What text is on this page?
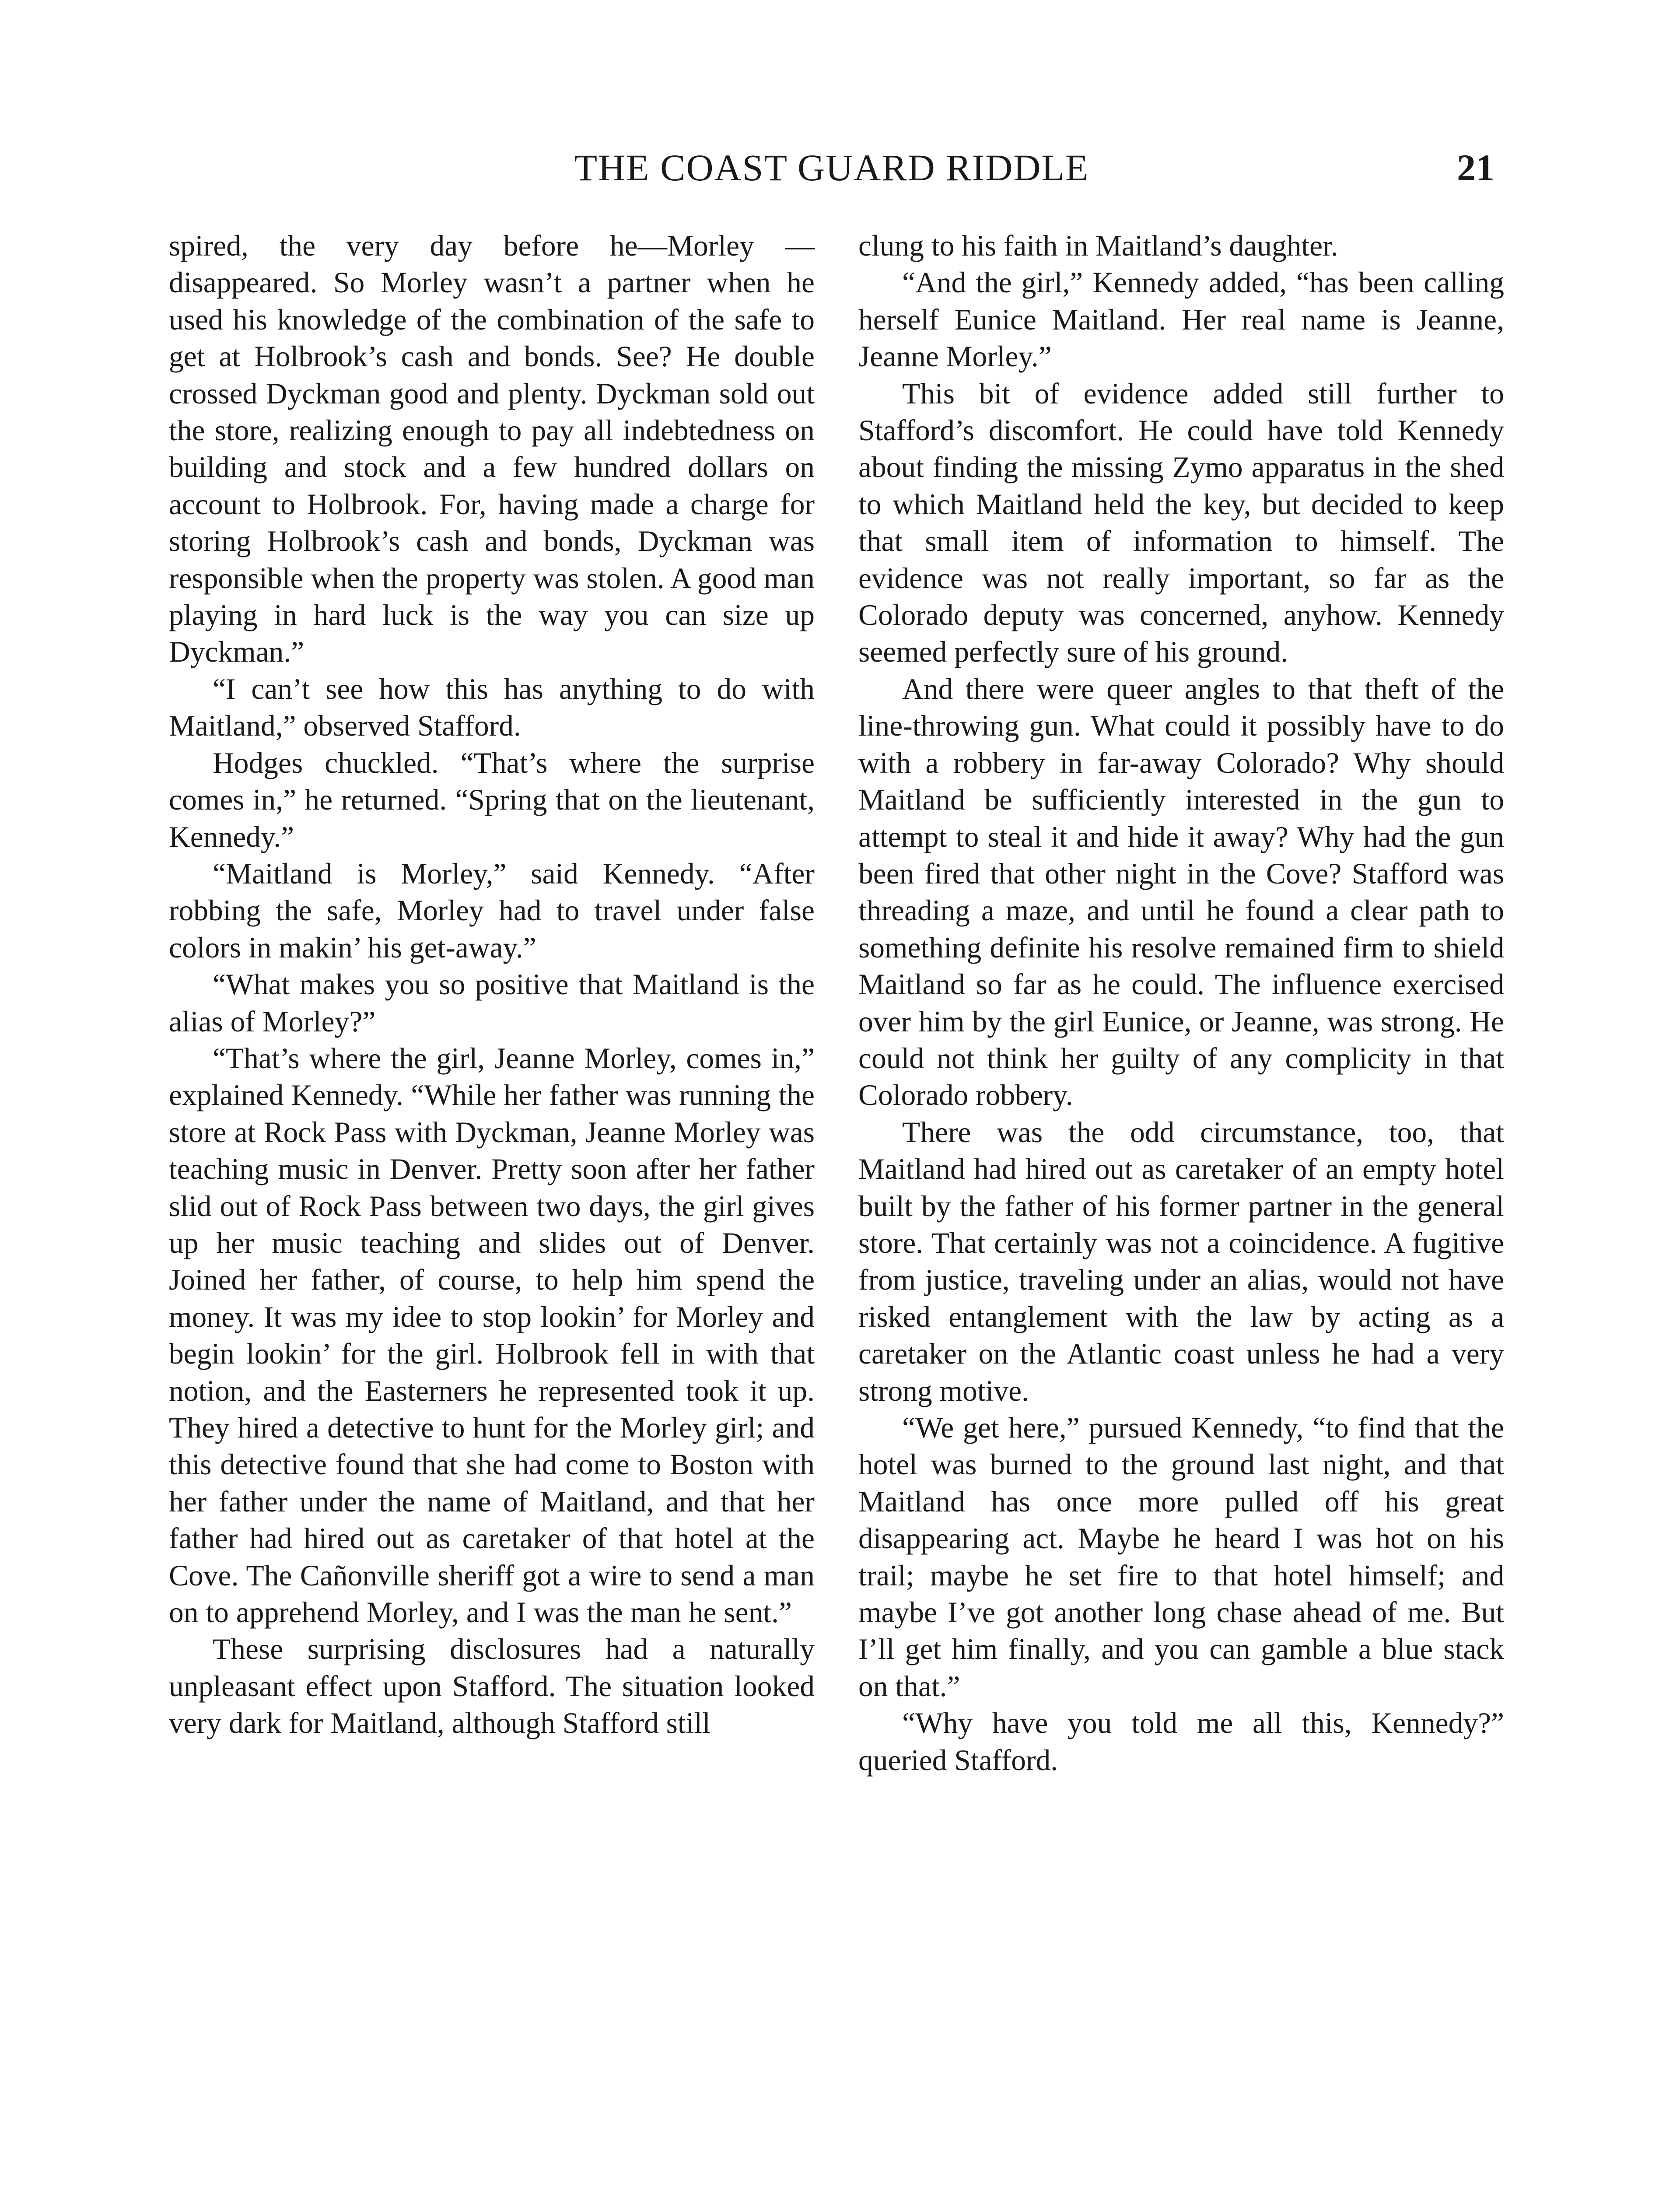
THE COAST GUARD RIDDLE	21

spired, the very day before he—Morley —disappeared. So Morley wasn’t a partner when he used his knowledge of the combination of the safe to get at Holbrook’s cash and bonds. See? He double crossed Dyckman good and plenty. Dyckman sold out the store, realizing enough to pay all indebtedness on building and stock and a few hundred dollars on account to Holbrook. For, having made a charge for storing Holbrook’s cash and bonds, Dyckman was responsible when the property was stolen. A good man playing in hard luck is the way you can size up Dyckman.”

“I can’t see how this has anything to do with Maitland,” observed Stafford.

Hodges chuckled. “That’s where the surprise comes in,” he returned. “Spring that on the lieutenant, Kennedy.”

“Maitland is Morley,” said Kennedy. “After robbing the safe, Morley had to travel under false colors in makin’ his get-away.”

“What makes you so positive that Maitland is the alias of Morley?”

“That’s where the girl, Jeanne Morley, comes in,” explained Kennedy. “While her father was running the store at Rock Pass with Dyckman, Jeanne Morley was teaching music in Denver. Pretty soon after her father slid out of Rock Pass between two days, the girl gives up her music teaching and slides out of Denver. Joined her father, of course, to help him spend the money. It was my idee to stop lookin’ for Morley and begin lookin’ for the girl. Holbrook fell in with that notion, and the Easterners he represented took it up. They hired a detective to hunt for the Morley girl; and this detective found that she had come to Boston with her father under the name of Maitland, and that her father had hired out as caretaker of that hotel at the Cove. The Cañonville sheriff got a wire to send a man on to apprehend Morley, and I was the man he sent.”

These surprising disclosures had a naturally unpleasant effect upon Stafford. The situation looked very dark for Maitland, although Stafford still

clung to his faith in Maitland’s daughter.

“And the girl,” Kennedy added, “has been calling herself Eunice Maitland. Her real name is Jeanne, Jeanne Morley.”

This bit of evidence added still further to Stafford’s discomfort. He could have told Kennedy about finding the missing Zymo apparatus in the shed to which Maitland held the key, but decided to keep that small item of information to himself. The evidence was not really important, so far as the Colorado deputy was concerned, anyhow. Kennedy seemed perfectly sure of his ground.

And there were queer angles to that theft of the line-throwing gun. What could it possibly have to do with a robbery in far-away Colorado? Why should Maitland be sufficiently interested in the gun to attempt to steal it and hide it away? Why had the gun been fired that other night in the Cove? Stafford was threading a maze, and until he found a clear path to something definite his resolve remained firm to shield Maitland so far as he could. The influence exercised over him by the girl Eunice, or Jeanne, was strong. He could not think her guilty of any complicity in that Colorado robbery.

There was the odd circumstance, too, that Maitland had hired out as caretaker of an empty hotel built by the father of his former partner in the general store. That certainly was not a coincidence. A fugitive from justice, traveling under an alias, would not have risked entanglement with the law by acting as a caretaker on the Atlantic coast unless he had a very strong motive.

“We get here,” pursued Kennedy, “to find that the hotel was burned to the ground last night, and that Maitland has once more pulled off his great disappearing act. Maybe he heard I was hot on his trail; maybe he set fire to that hotel himself; and maybe I’ve got another long chase ahead of me. But I’ll get him finally, and you can gamble a blue stack on that.”

“Why have you told me all this, Kennedy?” queried Stafford.
